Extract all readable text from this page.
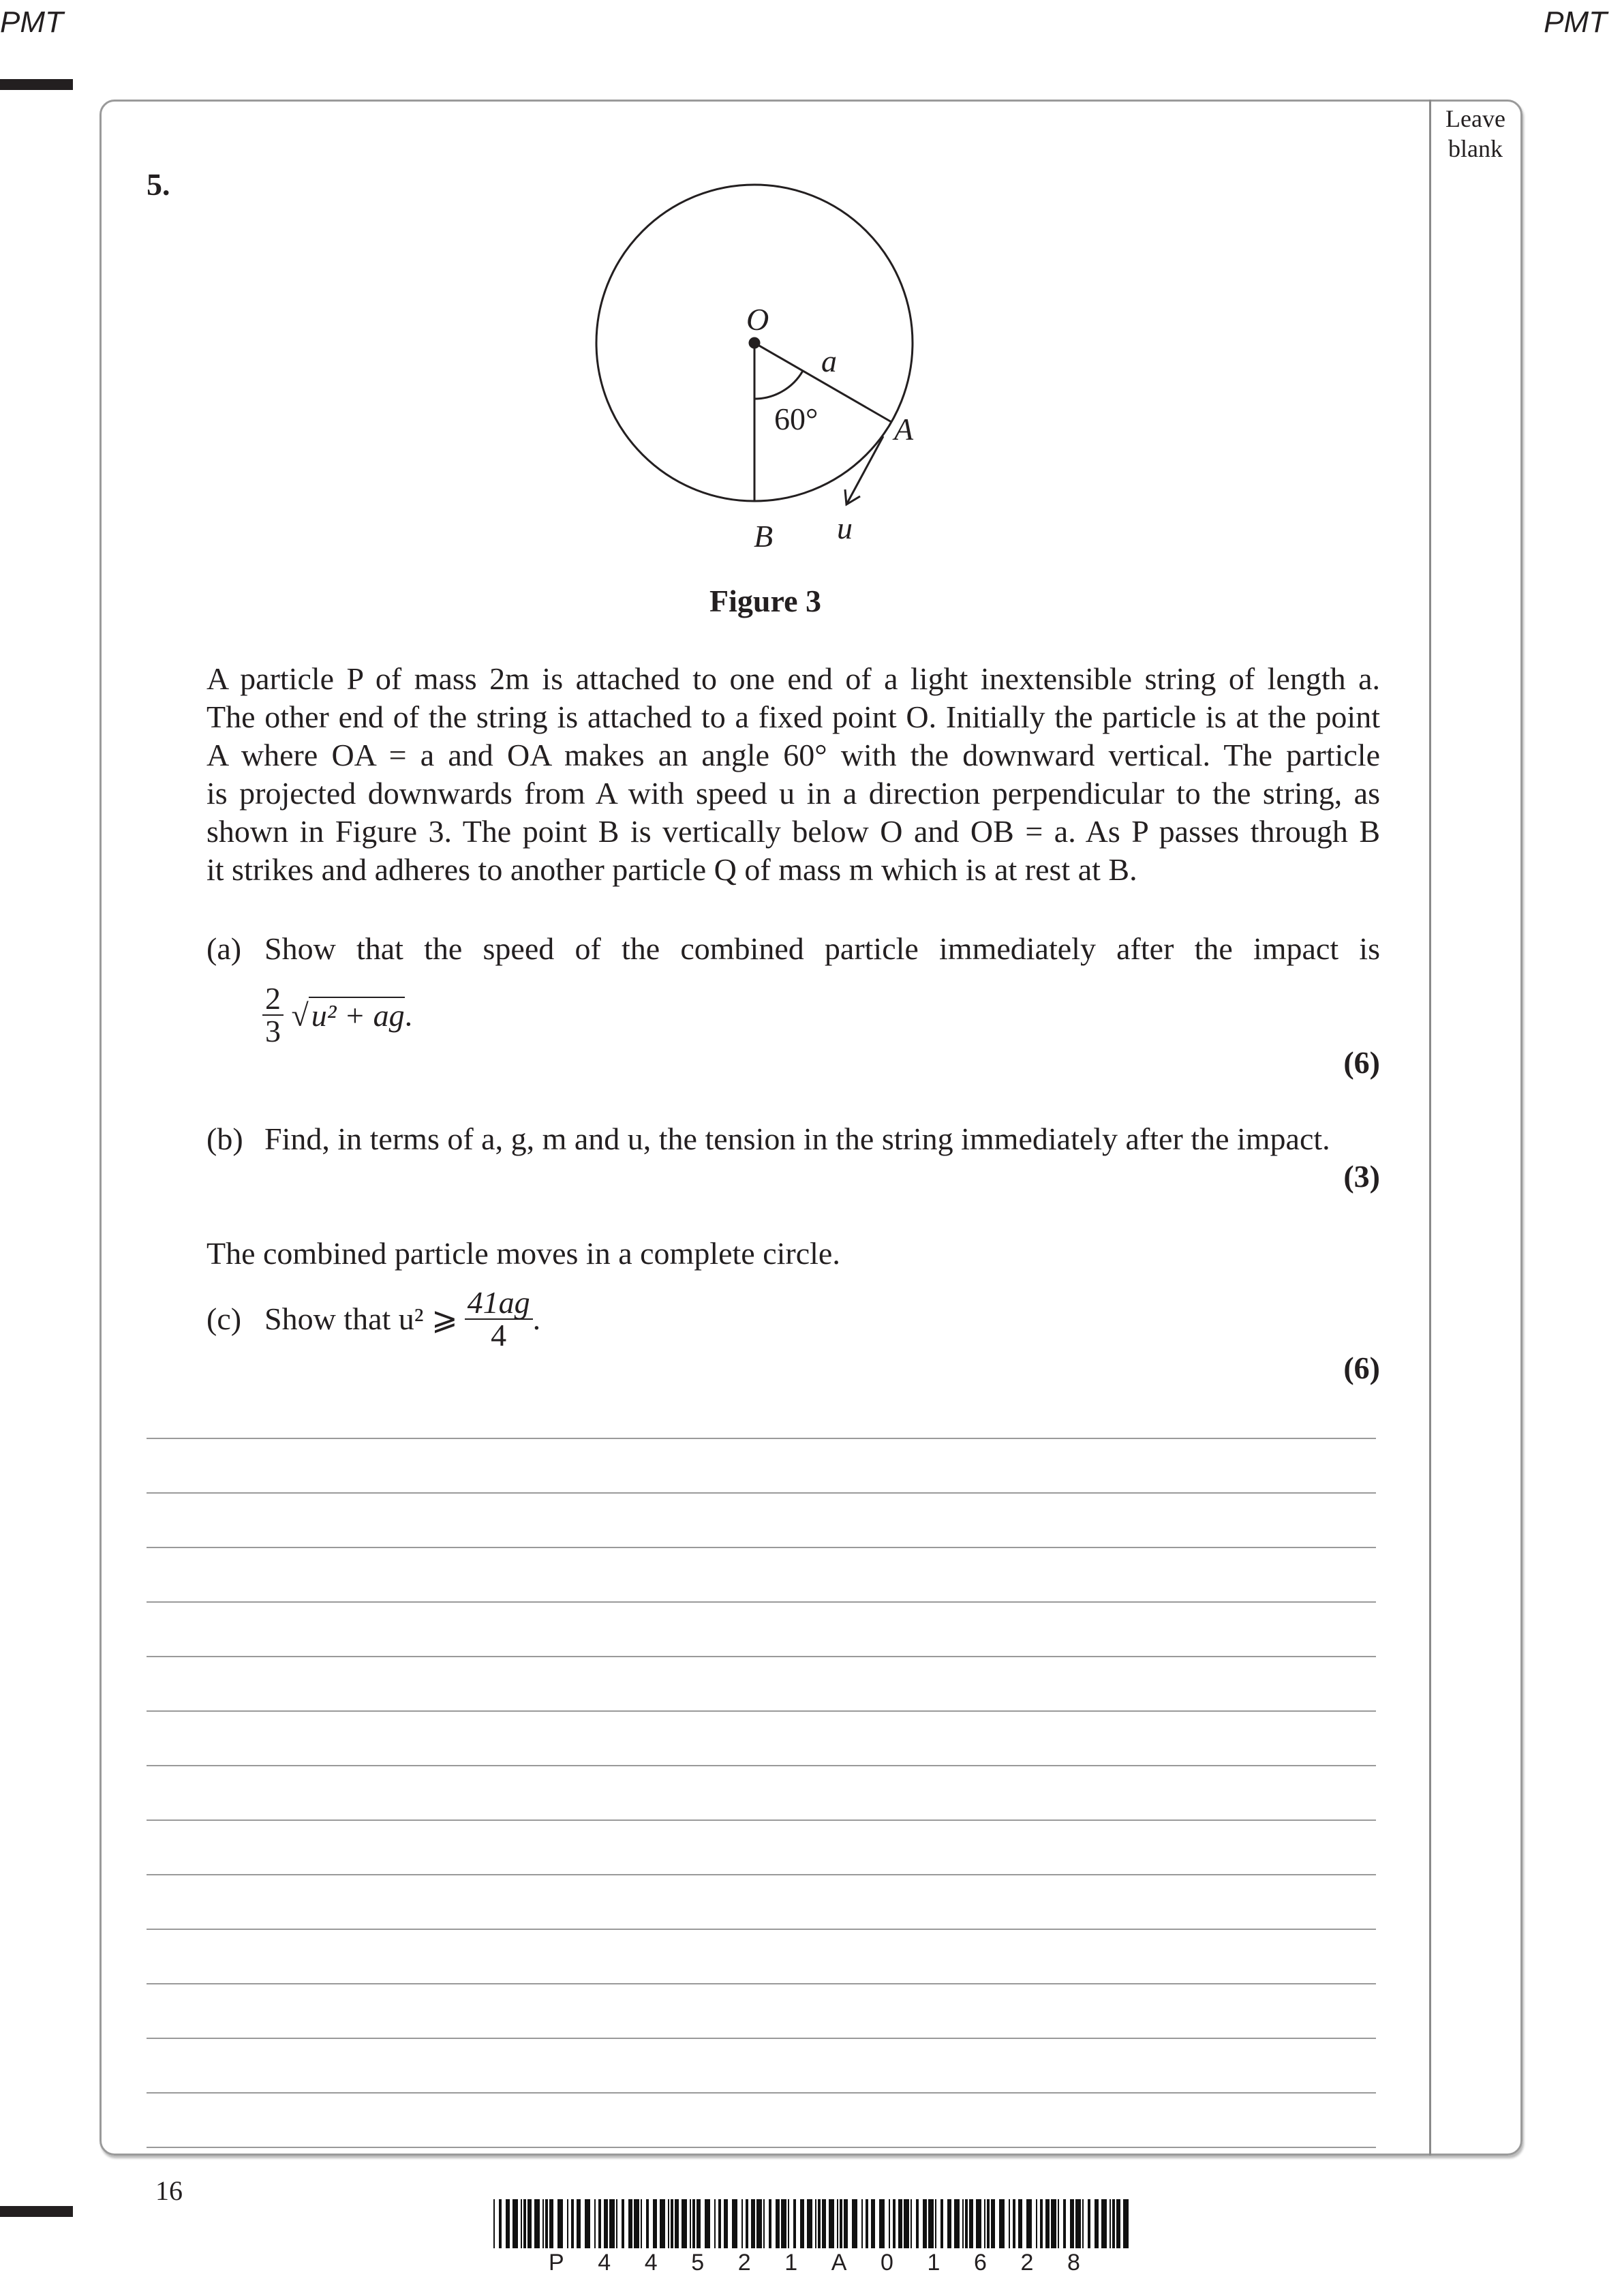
PMT	PMT
Leave
blank
5.
O
a
60° A
B u
Figure 3
A particle P of mass 2m is attached to one end of a light inextensible string of length a.
The other end of the string is attached to a fixed point O. Initially the particle is at the point
A where OA = a and OA makes an angle 60° with the downward vertical. The particle
is projected downwards from A with speed u in a direction perpendicular to the string, as
shown in Figure 3. The point B is vertically below O and OB = a. As P passes through B
it strikes and adheres to another particle Q of mass m which is at rest at B.
(a) Show that the speed of the combined particle immediately after the impact is
$\frac{2}{3} √u^2$ + ag.
(6)
(b) Find, in terms of a, g, m and u, the tension in the string immediately after the impact.
(3)
The combined particle moves in a complete circle.
(c) Show that u² ⩾ $\frac{41ag}{4}$ .
(6)
16
P 4 4 5 2 1 A 0 1 6 2 8
